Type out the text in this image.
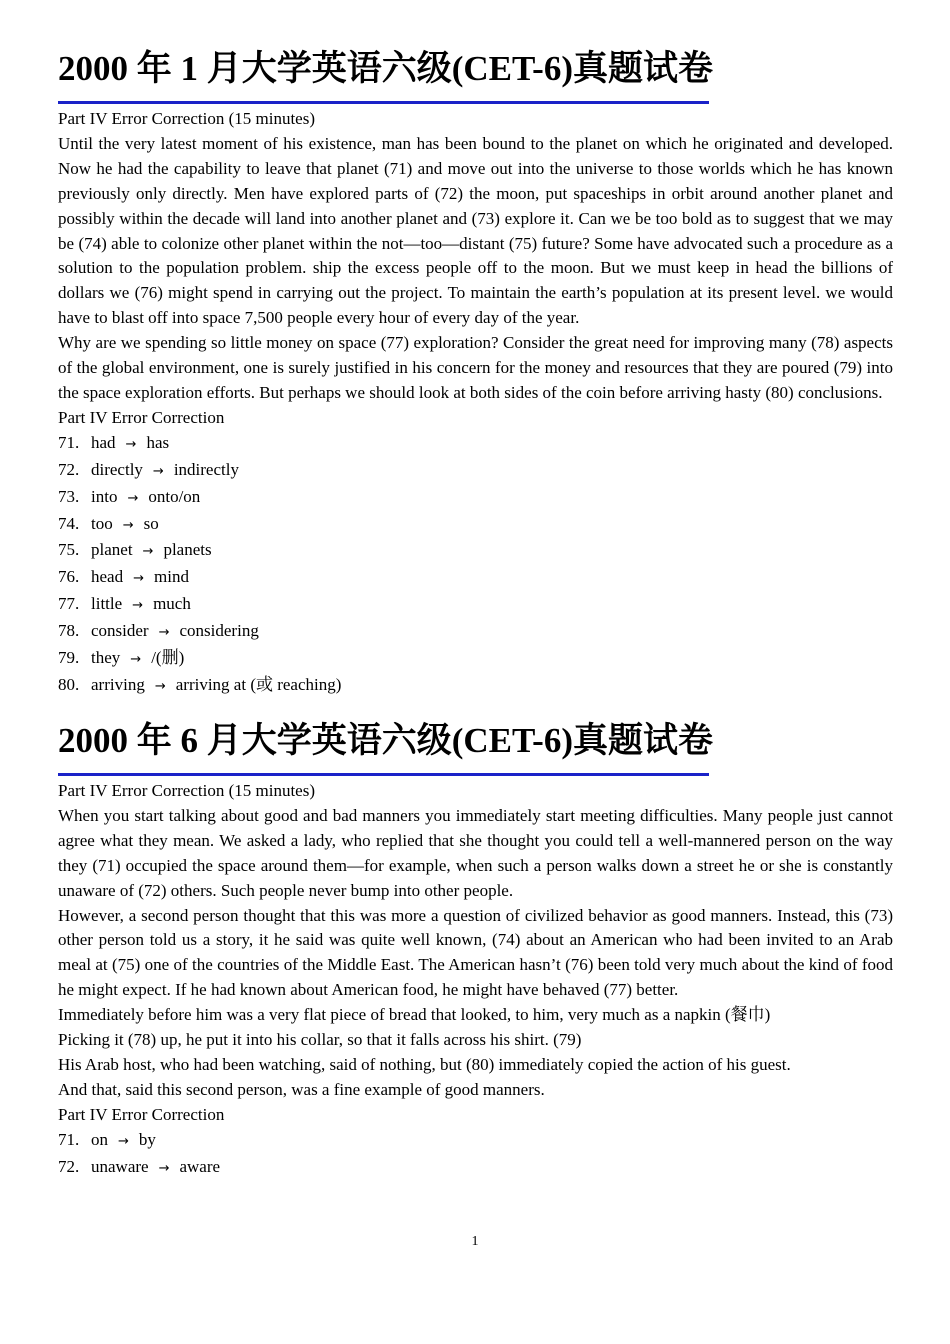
2000 年 1 月大学英语六级(CET-6)真题试卷

Part IV Error Correction (15 minutes)

Until the very latest moment of his existence, man has been bound to the planet on which he originated and developed. Now he had the capability to leave that planet (71) and move out into the universe to those worlds which he has known previously only directly. Men have explored parts of (72) the moon, put spaceships in orbit around another planet and possibly within the decade will land into another planet and (73) explore it. Can we be too bold as to suggest that we may be (74) able to colonize other planet within the not—too—distant (75) future? Some have advocated such a procedure as a solution to the population problem. ship the excess people off to the moon. But we must keep in head the billions of dollars we (76) might spend in carrying out the project. To maintain the earth’s population at its present level. we would have to blast off into space 7,500 people every hour of every day of the year.

Why are we spending so little money on space (77) exploration? Consider the great need for improving many (78) aspects of the global environment, one is surely justified in his concern for the money and resources that they are poured (79) into the space exploration efforts. But perhaps we should look at both sides of the coin before arriving hasty (80) conclusions.

Part IV Error Correction

71. had → has

72. directly → indirectly

73. into → onto/on

74. too → so

75. planet → planets

76. head → mind

77. little → much

78. consider → considering

79. they → /(删)

80. arriving → arriving at (或 reaching)

2000 年 6 月大学英语六级(CET-6)真题试卷

Part IV Error Correction (15 minutes)

When you start talking about good and bad manners you immediately start meeting difficulties. Many people just cannot agree what they mean. We asked a lady, who replied that she thought you could tell a well-mannered person on the way they (71) occupied the space around them—for example, when such a person walks down a street he or she is constantly unaware of (72) others. Such people never bump into other people.

However, a second person thought that this was more a question of civilized behavior as good manners. Instead, this (73) other person told us a story, it he said was quite well known, (74) about an American who had been invited to an Arab meal at (75) one of the countries of the Middle East. The American hasn’t (76) been told very much about the kind of food he might expect. If he had known about American food, he might have behaved (77) better.

Immediately before him was a very flat piece of bread that looked, to him, very much as a napkin (餐巾)

Picking it (78) up, he put it into his collar, so that it falls across his shirt. (79)

His Arab host, who had been watching, said of nothing, but (80) immediately copied the action of his guest.

And that, said this second person, was a fine example of good manners.

Part IV Error Correction

71. on → by

72. unaware → aware

1
